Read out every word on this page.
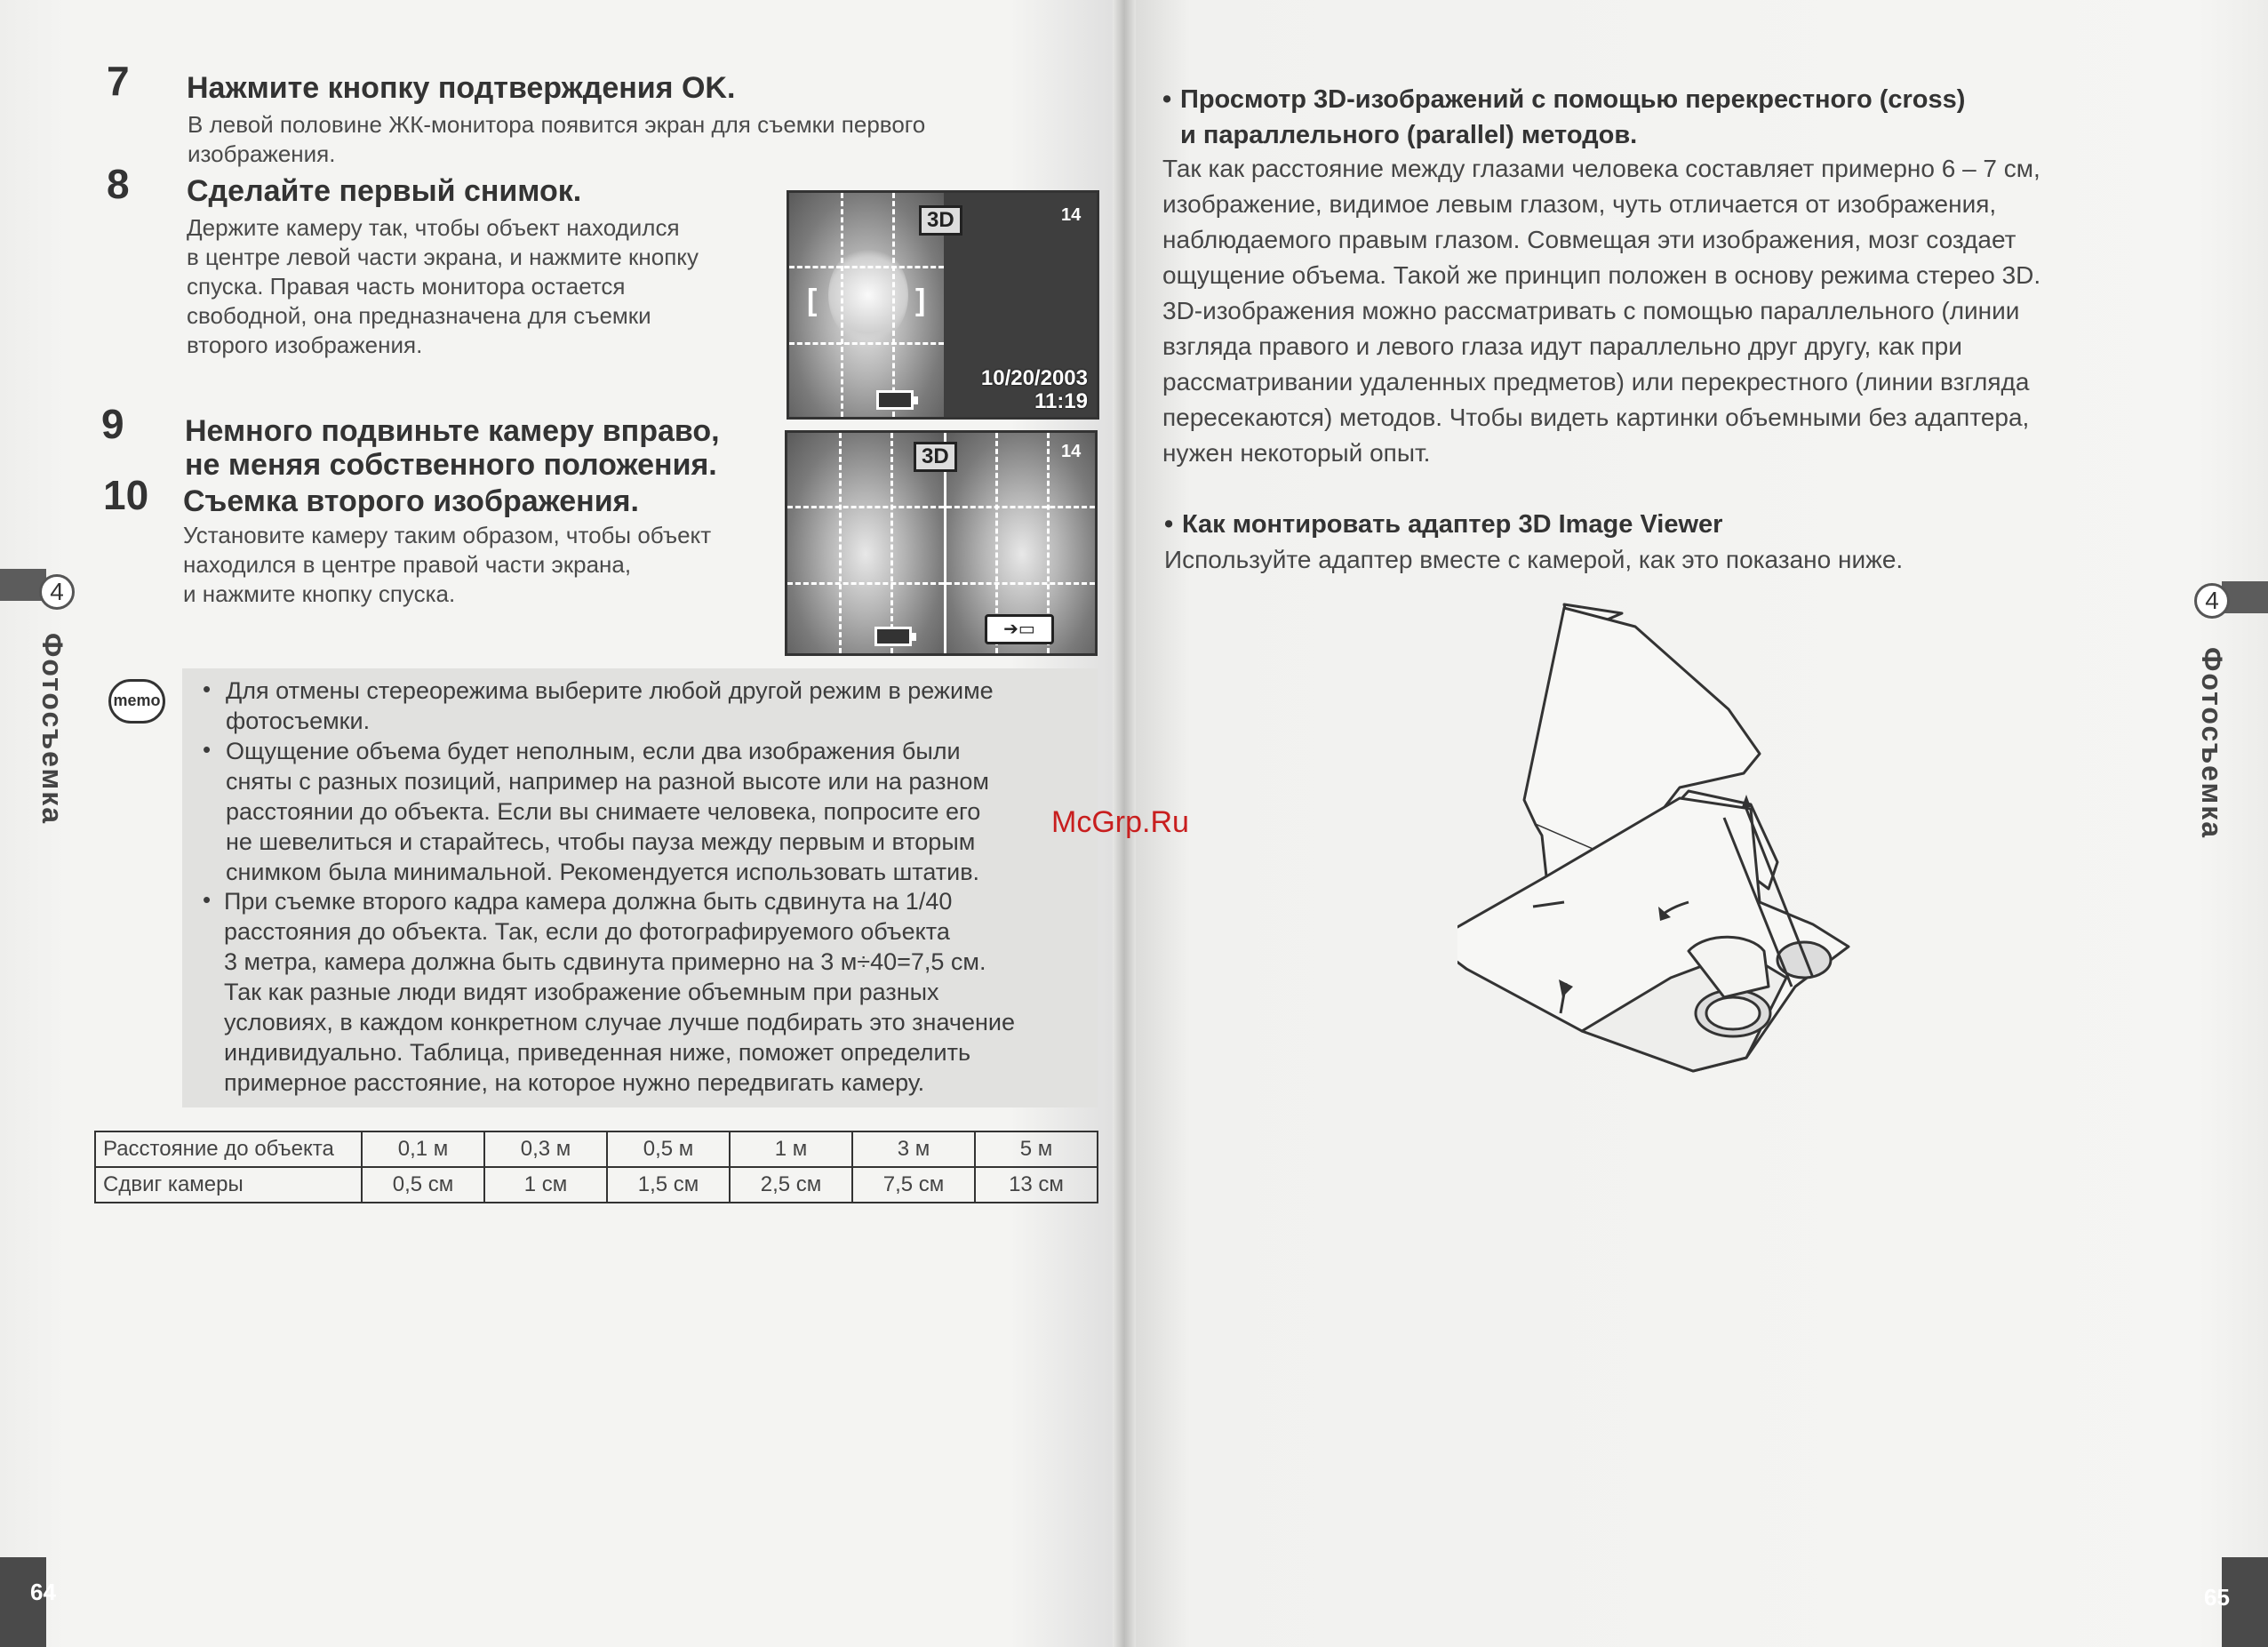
4
Фотосъемка
64
7 Нажмите кнопку подтверждения OK.
В левой половине ЖК-монитора появится экран для съемки первого
изображения.
8 Сделайте первый снимок.
Держите камеру так, чтобы объект находился
в центре левой части экрана, и нажмите кнопку
спуска. Правая часть монитора остается
свободной, она предназначена для съемки
второго изображения.
[	]
3D	14
10/20/2003
11:19
9 Немного подвиньте камеру вправо,
не меняя собственного положения.
10 Съемка второго изображения.
Установите камеру таким образом, чтобы объект
находился в центре правой части экрана,
и нажмите кнопку спуска.
3D	14
➔▭
memo • Для отмены стереорежима выберите любой другой режим в режиме
фотосъемки.
• Ощущение объема будет неполным, если два изображения были
сняты с разных позиций, например на разной высоте или на разном
расстоянии до объекта. Если вы снимаете человека, попросите его
не шевелиться и старайтесь, чтобы пауза между первым и вторым
снимком была минимальной. Рекомендуется использовать штатив.
• При съемке второго кадра камера должна быть сдвинута на 1/40
расстояния до объекта. Так, если до фотографируемого объекта
3 метра, камера должна быть сдвинута примерно на 3 м÷40=7,5 см.
Так как разные люди видят изображение объемным при разных
условиях, в каждом конкретном случае лучше подбирать это значение
индивидуально. Таблица, приведенная ниже, поможет определить
примерное расстояние, на которое нужно передвигать камеру.
Расстояние до объекта	0,1 м	0,3 м	0,5 м	1 м	3 м	5 м
Сдвиг камеры	0,5 см	1 см	1,5 см	2,5 см	7,5 см	13 см
4
Фотосъемка
65
• Просмотр 3D-изображений с помощью перекрестного (cross)
и параллельного (parallel) методов.
Так как расстояние между глазами человека составляет примерно 6 – 7 см,
изображение, видимое левым глазом, чуть отличается от изображения,
наблюдаемого правым глазом. Совмещая эти изображения, мозг создает
ощущение объема. Такой же принцип положен в основу режима стерео 3D.
3D-изображения можно рассматривать с помощью параллельного (линии
взгляда правого и левого глаза идут параллельно друг другу, как при
рассматривании удаленных предметов) или перекрестного (линии взгляда
пересекаются) методов. Чтобы видеть картинки объемными без адаптера,
нужен некоторый опыт.
• Как монтировать адаптер 3D Image Viewer
Используйте адаптер вместе с камерой, как это показано ниже.
McGrp.Ru
